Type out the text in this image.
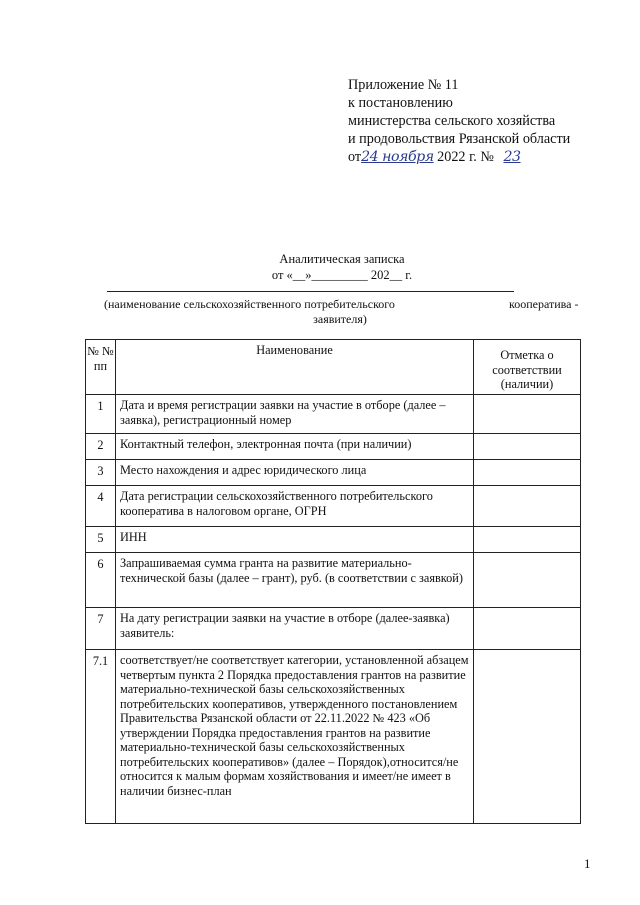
Приложение № 11
к постановлению
министерства сельского хозяйства
и продовольствия Рязанской области
от24 ноября 2022 г. № 23
Аналитическая записка
от «__»_________ 202__ г.
(наименование сельскохозяйственного потребительского	кооператива -
заявителя)
№ № пп	Наименование	Отметка о соответствии (наличии)
1	Дата и время регистрации заявки на участие в отборе (далее – заявка), регистрационный номер	
2	Контактный телефон, электронная почта (при наличии)	
3	Место нахождения и адрес юридического лица	
4	Дата регистрации сельскохозяйственного потребительского кооператива в налоговом органе, ОГРН	
5	ИНН	
6	Запрашиваемая сумма гранта на развитие материально-технической базы (далее – грант), руб. (в соответствии с заявкой)	
7	На дату регистрации заявки на участие в отборе (далее-заявка) заявитель:	
7.1	соответствует/не соответствует категории, установленной абзацем четвертым пункта 2 Порядка предоставления грантов на развитие материально-технической базы сельскохозяйственных потребительских кооперативов, утвержденного постановлением Правительства Рязанской области от 22.11.2022 № 423 «Об утверждении Порядка предоставления грантов на развитие материально-технической базы сельскохозяйственных потребительских кооперативов» (далее – Порядок),относится/не относится к малым формам хозяйствования и имеет/не имеет в наличии бизнес-план	
1
